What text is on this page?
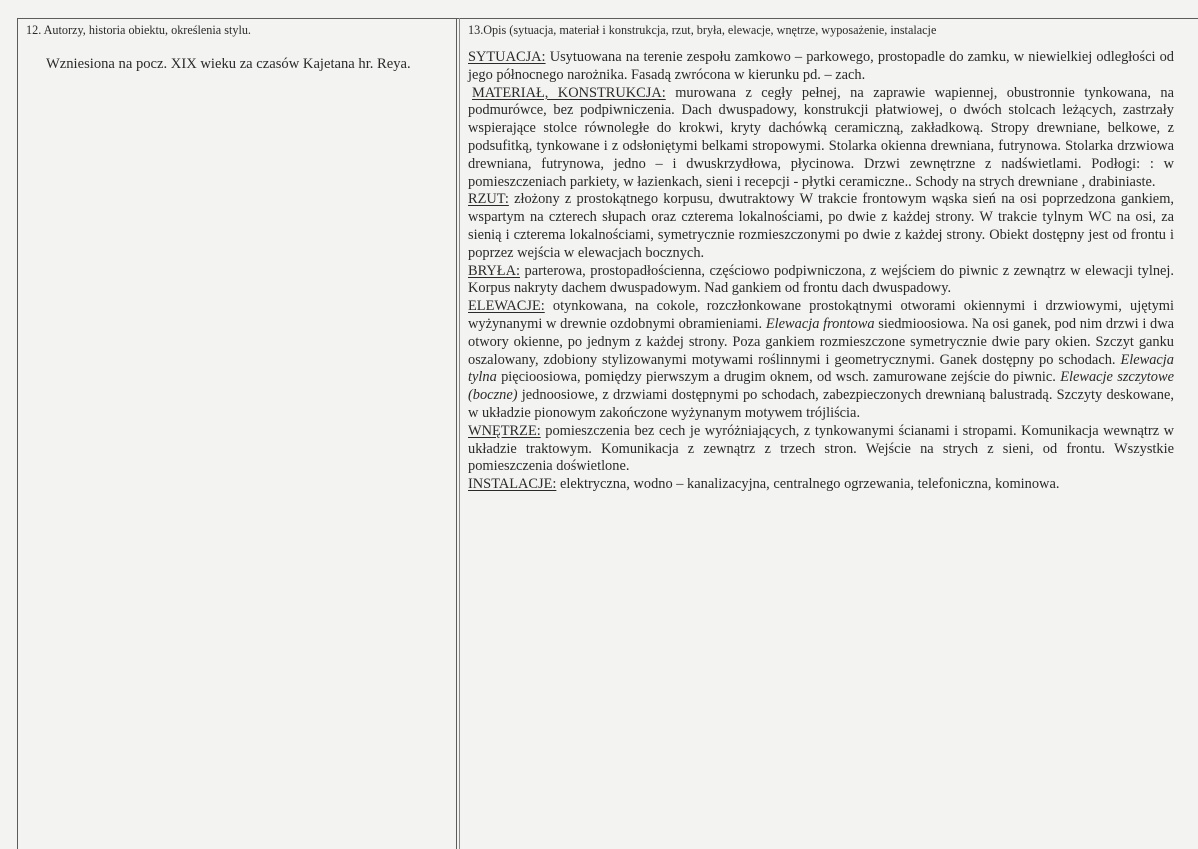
12. Autorzy, historia obiektu, określenia stylu.

Wzniesiona na pocz. XIX wieku za czasów Kajetana hr. Reya.

13.Opis (sytuacja, materiał i konstrukcja, rzut, bryła, elewacje, wnętrze, wyposażenie, instalacje

SYTUACJA: Usytuowana na terenie zespołu zamkowo – parkowego, prostopadle do zamku, w niewielkiej odległości od jego północnego narożnika. Fasadą zwrócona w kierunku pd. – zach.

MATERIAŁ, KONSTRUKCJA: murowana z cegły pełnej, na zaprawie wapiennej, obustronnie tynkowana, na podmurówce, bez podpiwniczenia. Dach dwuspadowy, konstrukcji płatwiowej, o dwóch stolcach leżących, zastrzały wspierające stolce równoległe do krokwi, kryty dachówką ceramiczną, zakładkową. Stropy drewniane, belkowe, z podsufitką, tynkowane i z odsłoniętymi belkami stropowymi. Stolarka okienna drewniana, futrynowa. Stolarka drzwiowa drewniana, futrynowa, jedno – i dwuskrzydłowa, płycinowa. Drzwi zewnętrzne z nadświetlami. Podłogi: : w pomieszczeniach parkiety, w łazienkach, sieni i recepcji - płytki ceramiczne.. Schody na strych drewniane , drabiniaste.

RZUT: złożony z prostokątnego korpusu, dwutraktowy W trakcie frontowym wąska sień na osi poprzedzona gankiem, wspartym na czterech słupach oraz czterema lokalnościami, po dwie z każdej strony. W trakcie tylnym WC na osi, za sienią i czterema lokalnościami, symetrycznie rozmieszczonymi po dwie z każdej strony. Obiekt dostępny jest od frontu i poprzez wejścia w elewacjach bocznych.

BRYŁA: parterowa, prostopadłościenna, częściowo podpiwniczona, z wejściem do piwnic z zewnątrz w elewacji tylnej. Korpus nakryty dachem dwuspadowym. Nad gankiem od frontu dach dwuspadowy.

ELEWACJE: otynkowana, na cokole, rozczłonkowane prostokątnymi otworami okiennymi i drzwiowymi, ujętymi wyżynanymi w drewnie ozdobnymi obramieniami. Elewacja frontowa siedmioosiowa. Na osi ganek, pod nim drzwi i dwa otwory okienne, po jednym z każdej strony. Poza gankiem rozmieszczone symetrycznie dwie pary okien. Szczyt ganku oszalowany, zdobiony stylizowanymi motywami roślinnymi i geometrycznymi. Ganek dostępny po schodach. Elewacja tylna pięcioosiowa, pomiędzy pierwszym a drugim oknem, od wsch. zamurowane zejście do piwnic. Elewacje szczytowe (boczne) jednoosiowe, z drzwiami dostępnymi po schodach, zabezpieczonych drewnianą balustradą. Szczyty deskowane, w układzie pionowym zakończone wyżynanym motywem trójliścia.

WNĘTRZE: pomieszczenia bez cech je wyróżniających, z tynkowanymi ścianami i stropami. Komunikacja wewnątrz w układzie traktowym. Komunikacja z zewnątrz z trzech stron. Wejście na strych z sieni, od frontu. Wszystkie pomieszczenia doświetlone.

INSTALACJE: elektryczna, wodno – kanalizacyjna, centralnego ogrzewania, telefoniczna, kominowa.
